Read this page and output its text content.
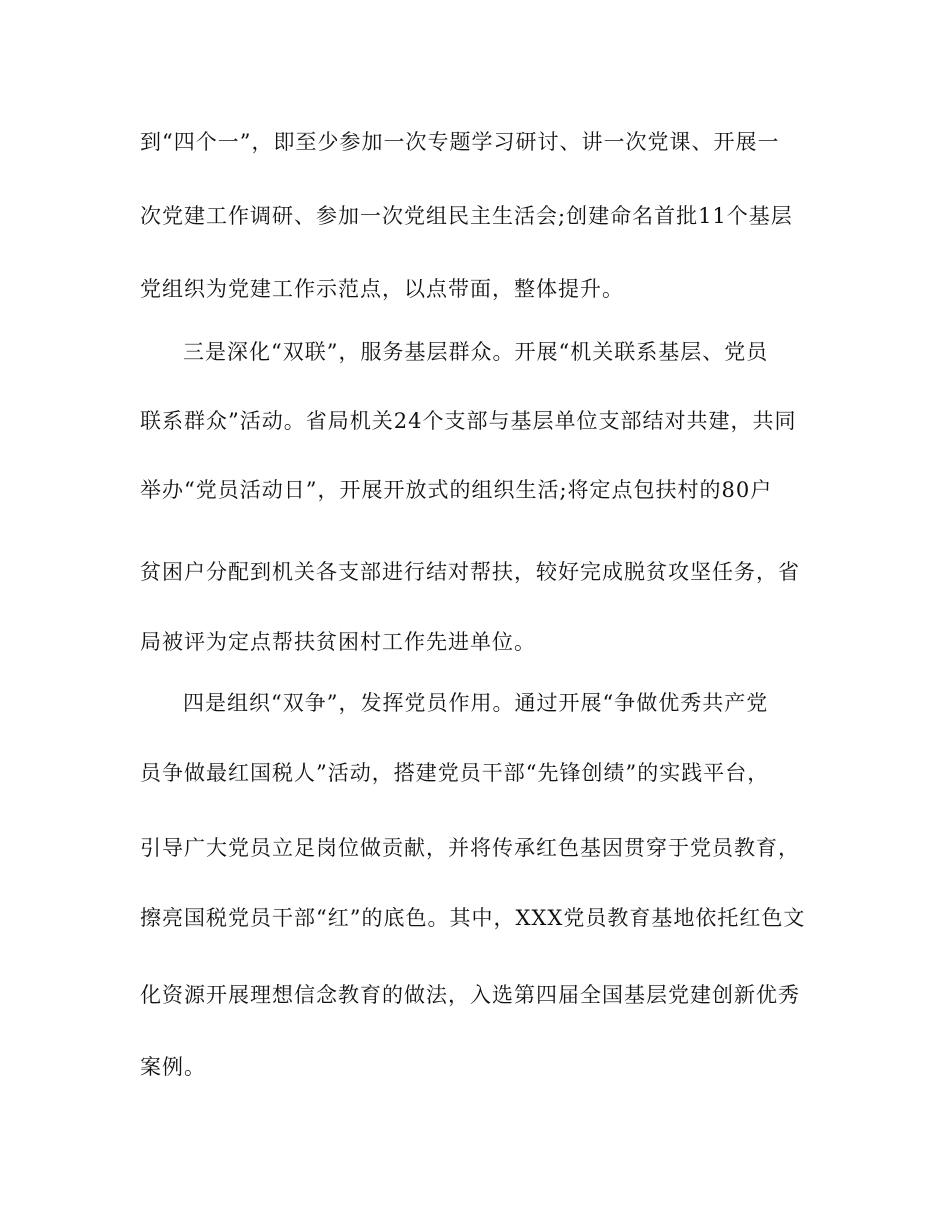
到“四个一”，即至少参加一次专题学习研讨、讲一次党课、开展一

次党建工作调研、参加一次党组民主生活会;创建命名首批11个基层

党组织为党建工作示范点，以点带面，整体提升。

三是深化“双联”，服务基层群众。开展“机关联系基层、党员

联系群众”活动。省局机关24个支部与基层单位支部结对共建，共同

举办“党员活动日”，开展开放式的组织生活;将定点包扶村的80户

贫困户分配到机关各支部进行结对帮扶，较好完成脱贫攻坚任务，省

局被评为定点帮扶贫困村工作先进单位。

四是组织“双争”，发挥党员作用。通过开展“争做优秀共产党

员争做最红国税人”活动，搭建党员干部“先锋创绩”的实践平台，

引导广大党员立足岗位做贡献，并将传承红色基因贯穿于党员教育，

擦亮国税党员干部“红”的底色。其中，XXX党员教育基地依托红色文

化资源开展理想信念教育的做法，入选第四届全国基层党建创新优秀

案例。
